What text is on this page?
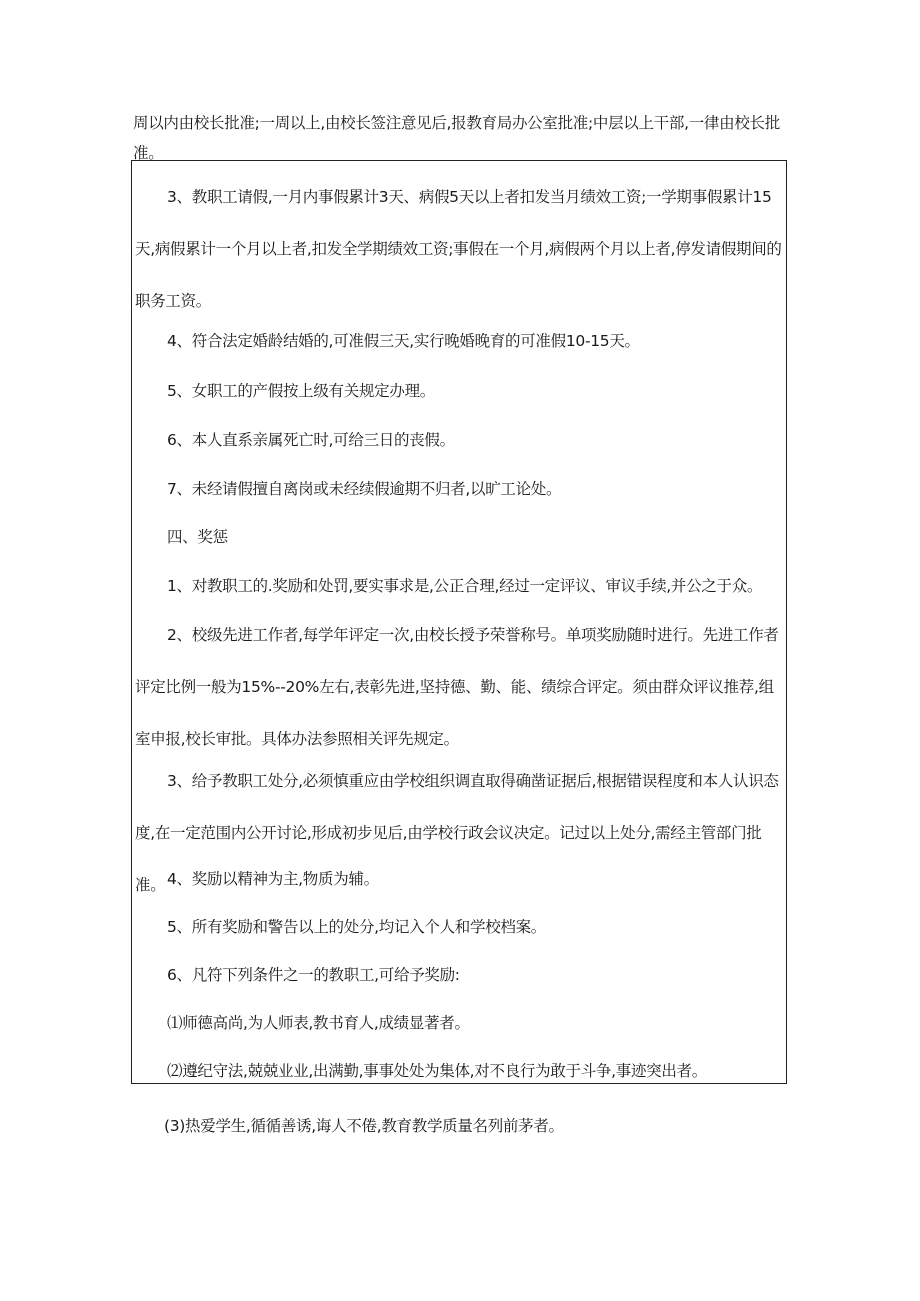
周以内由校长批准;一周以上,由校长签注意见后,报教育局办公室批准;中层以上干部,一律由校长批准。
3、教职工请假,一月内事假累计3天、病假5天以上者扣发当月绩效工资;一学期事假累计15天,病假累计一个月以上者,扣发全学期绩效工资;事假在一个月,病假两个月以上者,停发请假期间的职务工资。
4、符合法定婚龄结婚的,可准假三天,实行晚婚晚育的可准假10-15天。
5、女职工的产假按上级有关规定办理。
6、本人直系亲属死亡时,可给三日的丧假。
7、未经请假擅自离岗或未经续假逾期不归者,以旷工论处。
四、奖惩
1、对教职工的.奖励和处罚,要实事求是,公正合理,经过一定评议、审议手续,并公之于众。
2、校级先进工作者,每学年评定一次,由校长授予荣誉称号。单项奖励随时进行。先进工作者评定比例一般为15%--20%左右,表彰先进,坚持德、勤、能、绩综合评定。须由群众评议推荐,组室申报,校长审批。具体办法参照相关评先规定。
3、给予教职工处分,必须慎重应由学校组织调直取得确凿证据后,根据错误程度和本人认识态度,在一定范围内公开讨论,形成初步见后,由学校行政会议决定。记过以上处分,需经主管部门批准。 4、奖励以精神为主,物质为辅。
5、所有奖励和警告以上的处分,均记入个人和学校档案。
6、凡符下列条件之一的教职工,可给予奖励:
⑴师德高尚,为人师表,教书育人,成绩显著者。
⑵遵纪守法,兢兢业业,出满勤,事事处处为集体,对不良行为敢于斗争,事迹突出者。
(3)热爱学生,循循善诱,诲人不倦,教育教学质量名列前茅者。
